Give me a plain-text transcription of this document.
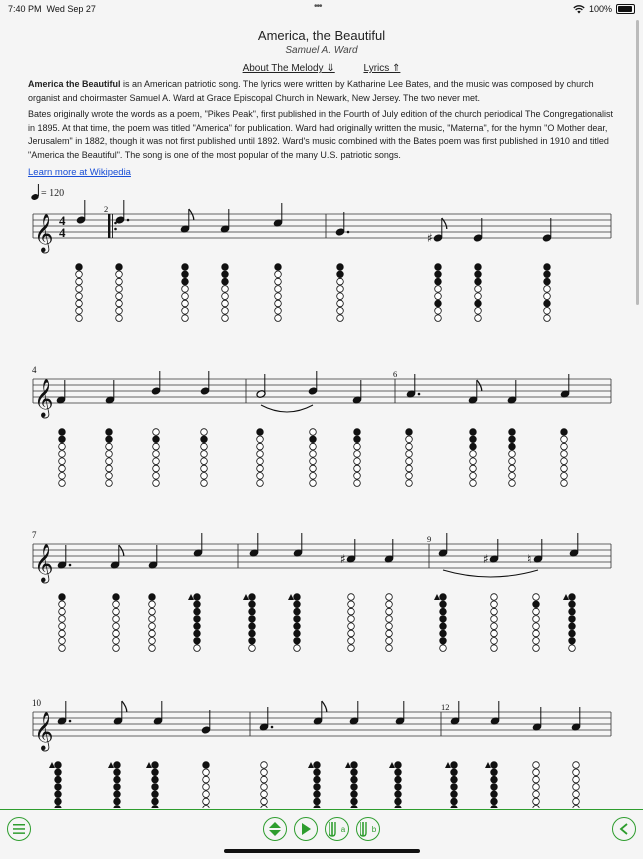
7:40 PM Wed Sep 27	•••	100%
America, the Beautiful
Samuel A. Ward
About The Melody ⇓	Lyrics ⇑
America the Beautiful is an American patriotic song. The lyrics were written by Katharine Lee Bates, and the music was composed by church organist and choirmaster Samuel A. Ward at Grace Episcopal Church in Newark, New Jersey. The two never met.
Bates originally wrote the words as a poem, "Pikes Peak", first published in the Fourth of July edition of the church periodical The Congregationalist in 1895. At that time, the poem was titled "America" for publication. Ward had originally written the music, "Materna", for the hymn "O Mother dear, Jerusalem" in 1882, though it was not first published until 1892. Ward's music combined with the Bates poem was first published in 1910 and titled "America the Beautiful". The song is one of the most popular of the many U.S. patriotic songs.
Learn more at Wikipedia
= 120
𝄞 4
4
2
♯
𝄞
4	6
𝄞
7	9
♯	♯	♮
𝄞
10	12
a	b
